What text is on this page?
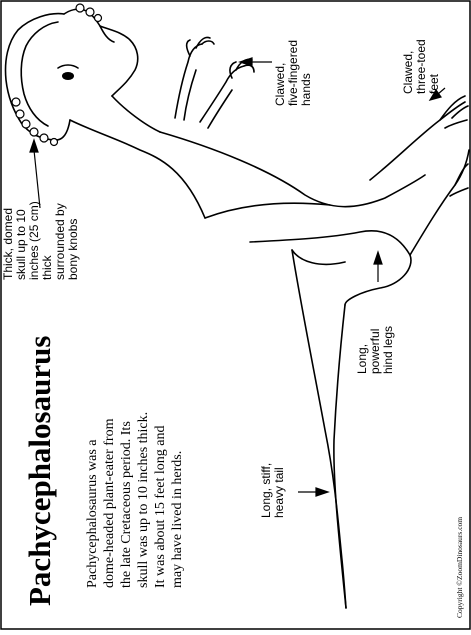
Thick, domed skull up to 10 inches (25 cm) thick surrounded by bony knobs
Clawed, five-fingered hands	Clawed, three-toed feet
Long, powerful hind legs
Long, stiff, heavy tail
Pachycephalosaurus Pachycephalosaurus was a dome-headed plant-eater from the late Cretaceous period. Its skull was up to 10 inches thick. It was about 15 feet long and may have lived in herds.	Copyright ©ZoomDinosaurs.com
